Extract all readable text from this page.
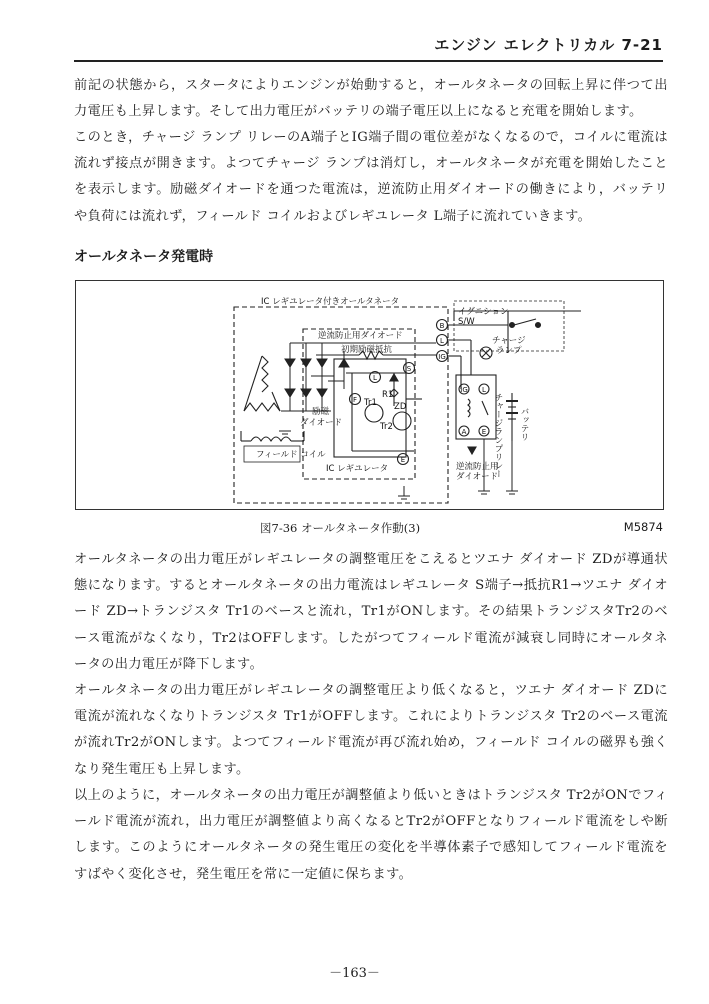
エンジン エレクトリカル 7-21

前記の状態から，スタータによりエンジンが始動すると，オールタネータの回転上昇に伴つて出力電圧も上昇します。そして出力電圧がバッテリの端子電圧以上になると充電を開始します。

このとき，チャージ ランプ リレーのA端子とIG端子間の電位差がなくなるので，コイルに電流は流れず接点が開きます。よつてチャージ ランプは消灯し，オールタネータが充電を開始したことを表示します。励磁ダイオードを通つた電流は，逆流防止用ダイオードの働きにより，バッテリや負荷には流れず，フィールド コイルおよびレギユレータ L端子に流れていきます。

オールタネータ発電時
IC レギユレータ付きオールタネータ
逆流防止用ダイオード
初期励磁抵抗
励磁ダイオード
フィールド コイル
IC レギユレータ
イグニション S/W
チャージランプ
チャージランプリレー バッテリ
逆流防止用ダイオード
R1
ZD
Tr1
Tr2
B
L
IG
S
L
F
E
IG L
A E
図7-36 オールタネータ作動(3)	M5874

オールタネータの出力電圧がレギユレータの調整電圧をこえるとツエナ ダイオード ZDが導通状態になります。するとオールタネータの出力電流はレギユレータ S端子→抵抗R1→ツエナ ダイオード ZD→トランジスタ Tr1のベースと流れ，Tr1がONします。その結果トランジスタTr2のベース電流がなくなり，Tr2はOFFします。したがつてフィールド電流が減衰し同時にオールタネータの出力電圧が降下します。

オールタネータの出力電圧がレギユレータの調整電圧より低くなると，ツエナ ダイオード ZDに電流が流れなくなりトランジスタ Tr1がOFFします。これによりトランジスタ Tr2のベース電流が流れTr2がONします。よつてフィールド電流が再び流れ始め，フィールド コイルの磁界も強くなり発生電圧も上昇します。

以上のように，オールタネータの出力電圧が調整値より低いときはトランジスタ Tr2がONでフィールド電流が流れ，出力電圧が調整値より高くなるとTr2がOFFとなりフィールド電流をしや断します。このようにオールタネータの発生電圧の変化を半導体素子で感知してフィールド電流をすばやく変化させ，発生電圧を常に一定値に保ちます。

－163－
